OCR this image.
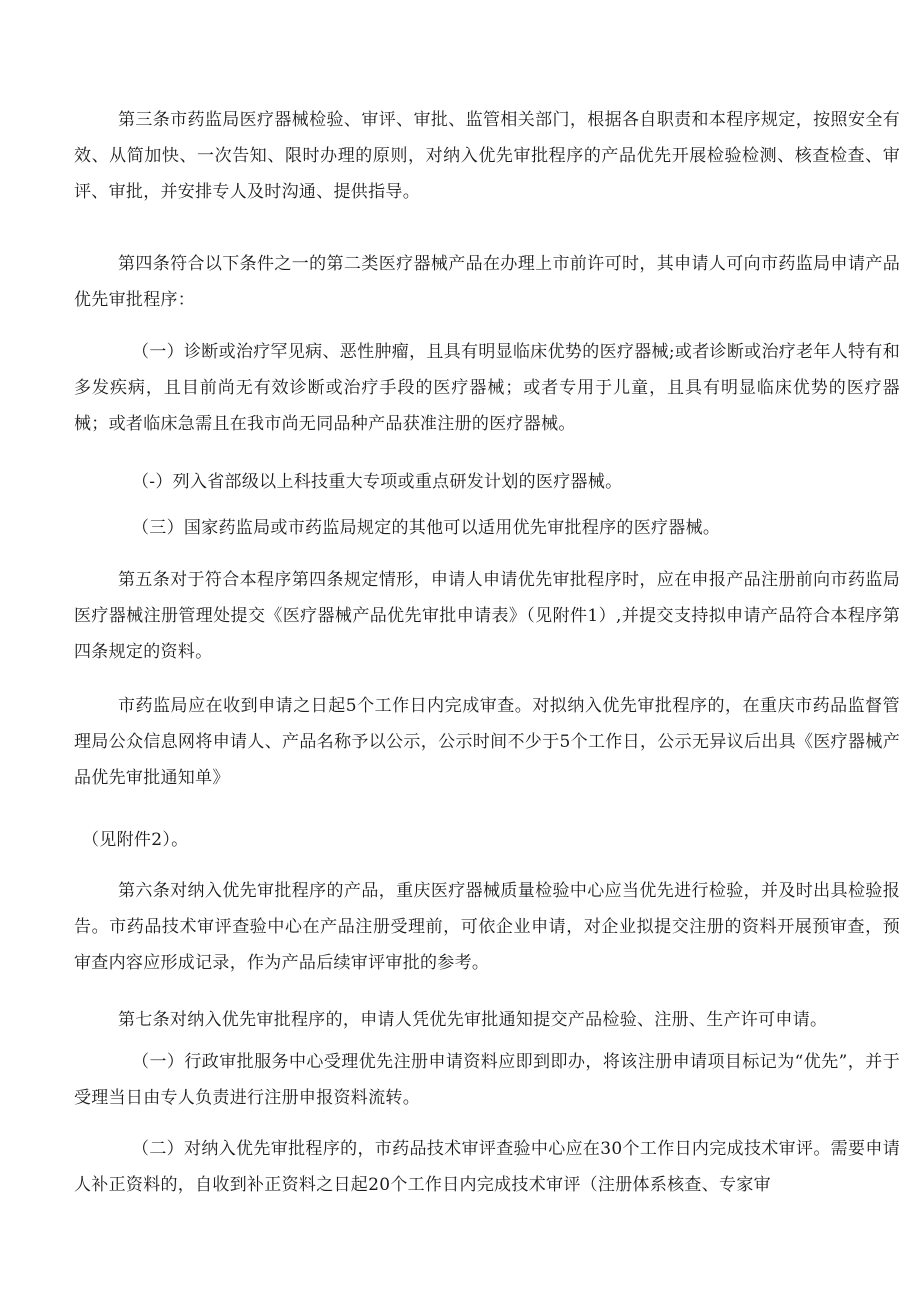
第三条市药监局医疗器械检验、审评、审批、监管相关部门，根据各自职责和本程序规定，按照安全有效、从简加快、一次告知、限时办理的原则，对纳入优先审批程序的产品优先开展检验检测、核查检查、审评、审批，并安排专人及时沟通、提供指导。

第四条符合以下条件之一的第二类医疗器械产品在办理上市前许可时，其申请人可向市药监局申请产品优先审批程序：

（一）诊断或治疗罕见病、恶性肿瘤，且具有明显临床优势的医疗器械;或者诊断或治疗老年人特有和多发疾病，且目前尚无有效诊断或治疗手段的医疗器械；或者专用于儿童，且具有明显临床优势的医疗器械；或者临床急需且在我市尚无同品种产品获准注册的医疗器械。

（-）列入省部级以上科技重大专项或重点研发计划的医疗器械。

（三）国家药监局或市药监局规定的其他可以适用优先审批程序的医疗器械。

第五条对于符合本程序第四条规定情形，申请人申请优先审批程序时，应在申报产品注册前向市药监局医疗器械注册管理处提交《医疗器械产品优先审批申请表》（见附件1）,并提交支持拟申请产品符合本程序第四条规定的资料。

市药监局应在收到申请之日起5个工作日内完成审查。对拟纳入优先审批程序的，在重庆市药品监督管理局公众信息网将申请人、产品名称予以公示，公示时间不少于5个工作日，公示无异议后出具《医疗器械产品优先审批通知单》

（见附件2）。

第六条对纳入优先审批程序的产品，重庆医疗器械质量检验中心应当优先进行检验，并及时出具检验报告。市药品技术审评查验中心在产品注册受理前，可依企业申请，对企业拟提交注册的资料开展预审查，预审查内容应形成记录，作为产品后续审评审批的参考。

第七条对纳入优先审批程序的，申请人凭优先审批通知提交产品检验、注册、生产许可申请。

（一）行政审批服务中心受理优先注册申请资料应即到即办，将该注册申请项目标记为“优先”，并于受理当日由专人负责进行注册申报资料流转。

（二）对纳入优先审批程序的，市药品技术审评查验中心应在30个工作日内完成技术审评。需要申请人补正资料的，自收到补正资料之日起20个工作日内完成技术审评（注册体系核查、专家审
